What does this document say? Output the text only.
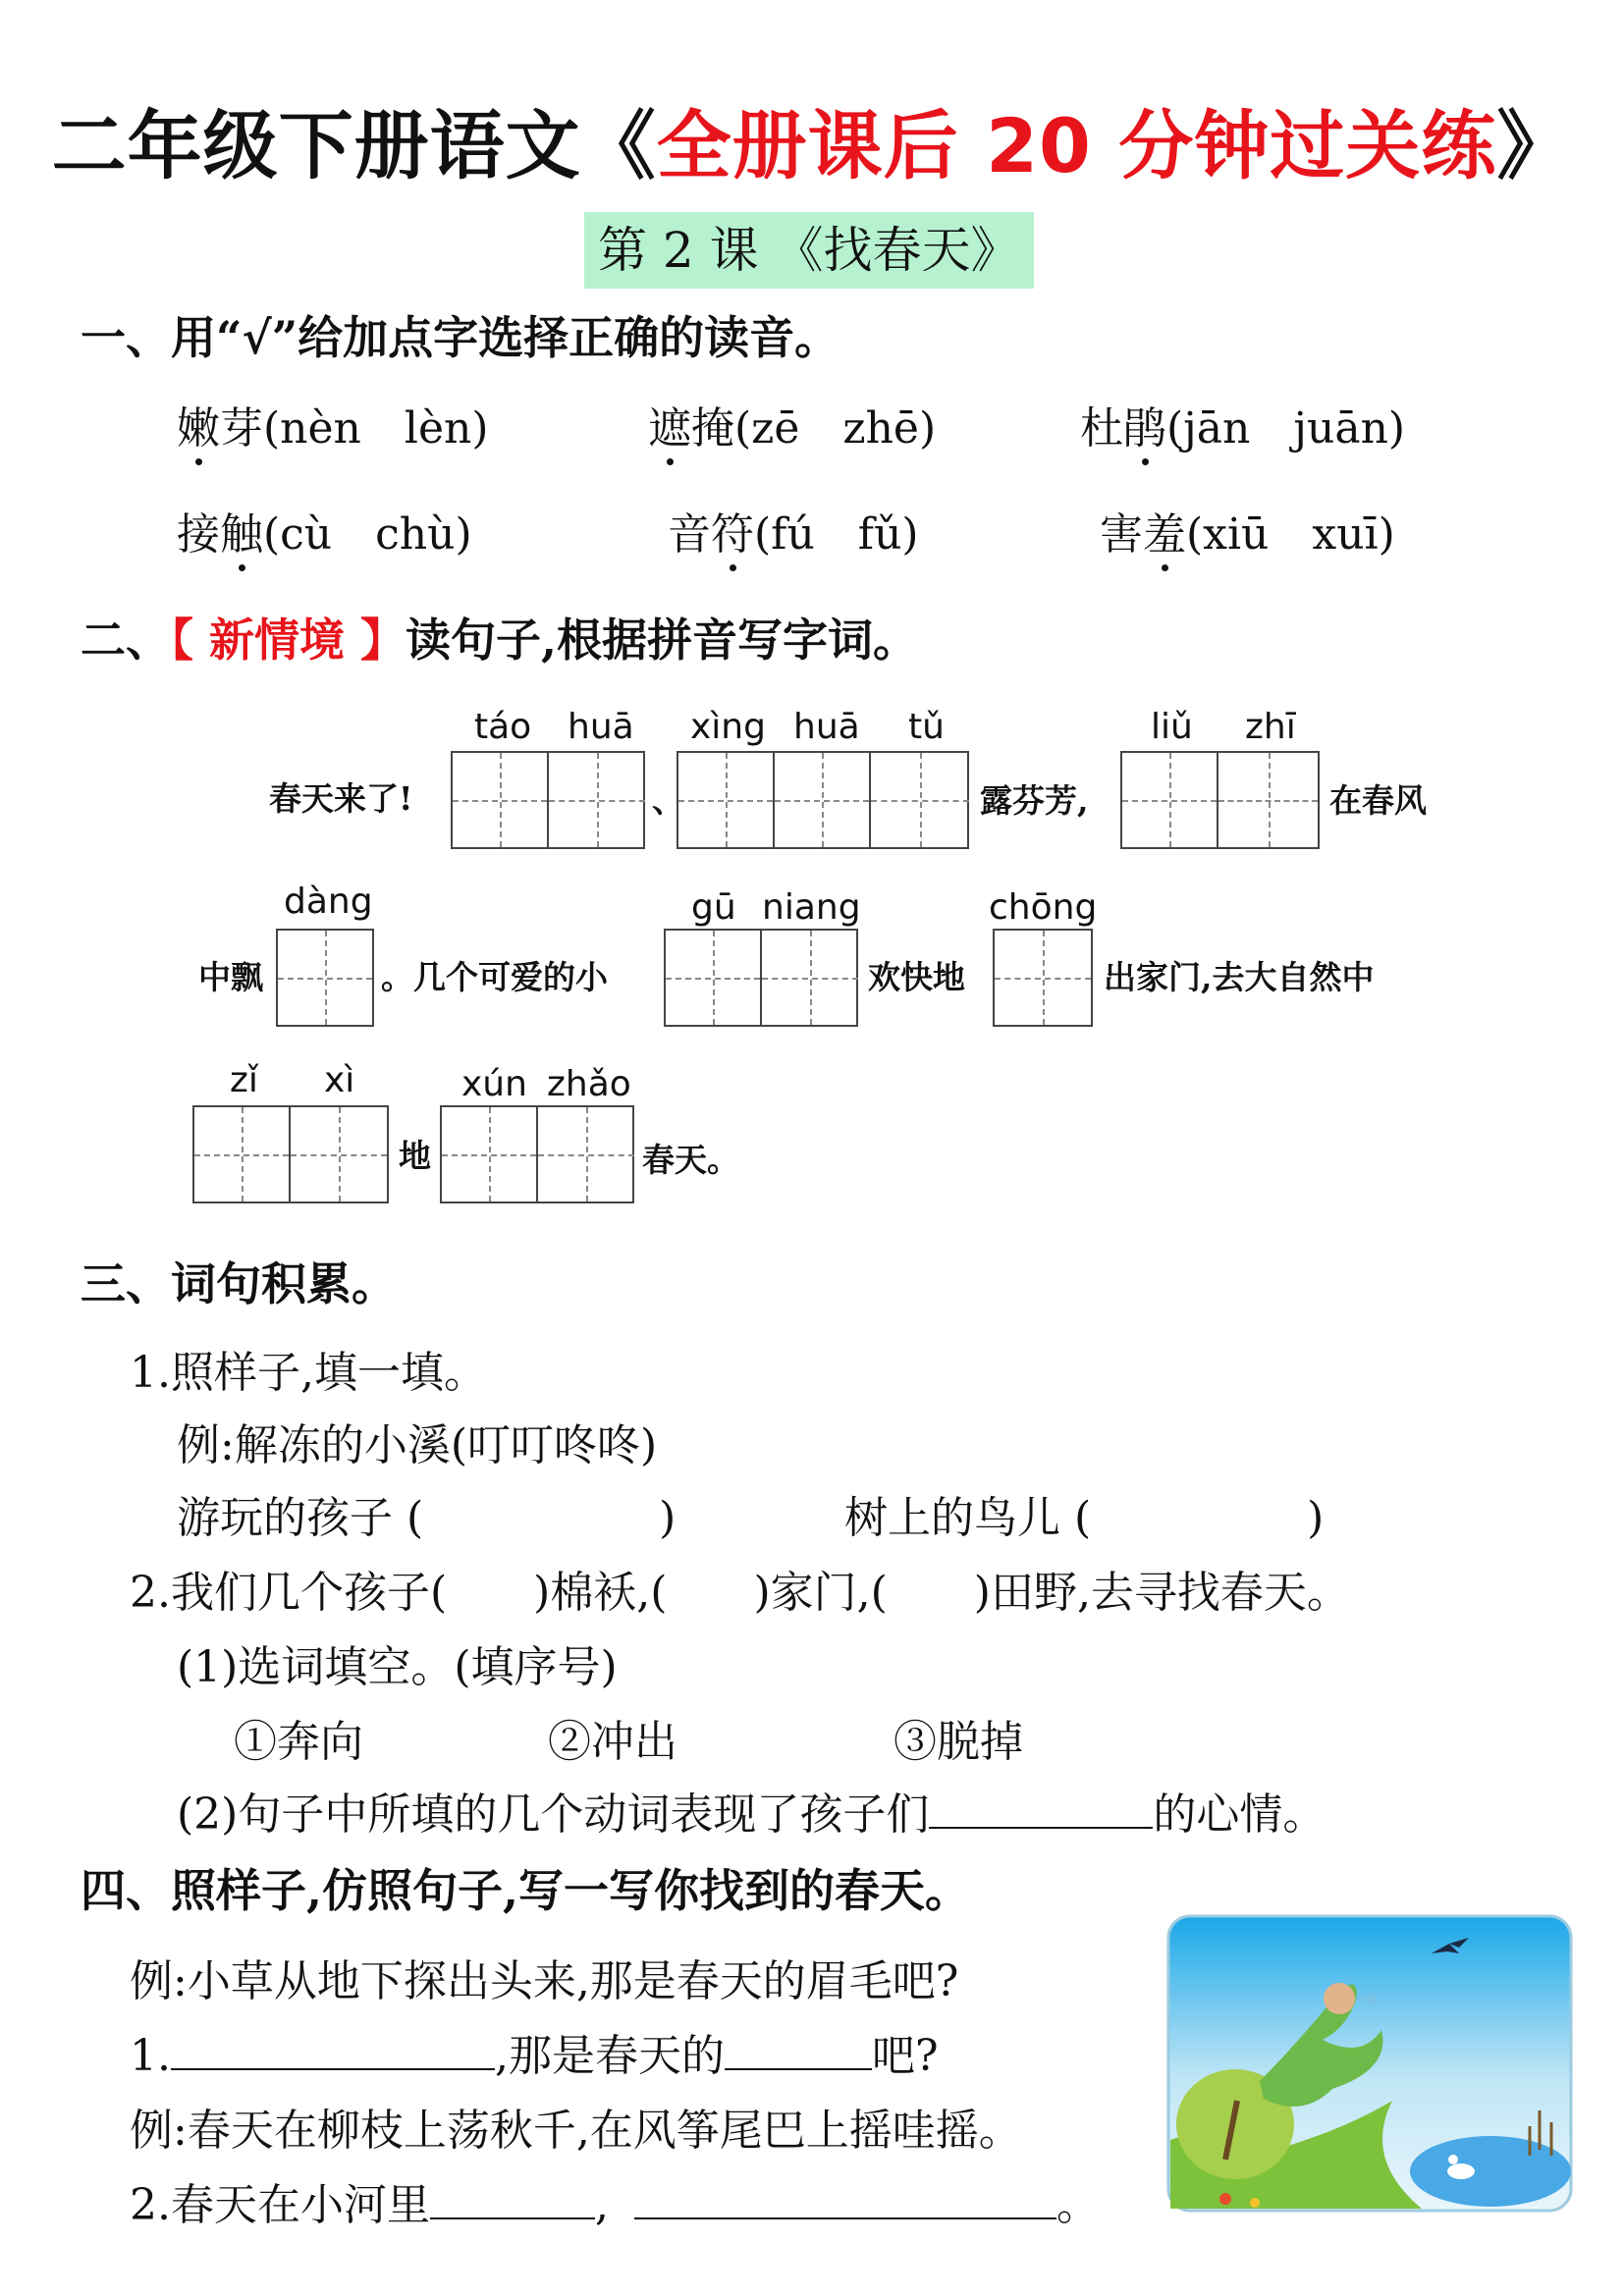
二年级下册语文《全册课后 20 分钟过关练》
第 2 课 《找春天》
一、用“√”给加点字选择正确的读音。
嫩芽(nèn　lèn)	遮掩(zē　zhē)	杜鹃(jān　juān)
接触(cù　chù)	音符(fú　fǔ)	害羞(xiū　xuī)
二、【 新情境 】读句子,根据拼音写字词。
春天来了!
táo huā
、
xìng huā tǔ
露芬芳,
liǔ zhī
在春风
中飘
dàng
。几个可爱的小
gū niang
欢快地
chōng
出家门,去大自然中
zǐ xì
地
xún zhǎo
春天。
三、词句积累。
1.照样子,填一填。
例:解冻的小溪(叮叮咚咚)
游玩的孩子 (	)	树上的鸟儿 (	)
2.我们几个孩子(　　)棉袄,(　　)家门,(　　)田野,去寻找春天。
(1)选词填空。(填序号)
①奔向	②冲出	③脱掉
(2)句子中所填的几个动词表现了孩子们	的心情。
四、照样子,仿照句子,写一写你找到的春天。
例:小草从地下探出头来,那是春天的眉毛吧?
1.	,那是春天的	吧?
例:春天在柳枝上荡秋千,在风筝尾巴上摇哇摇。
2.春天在小河里	,	。
